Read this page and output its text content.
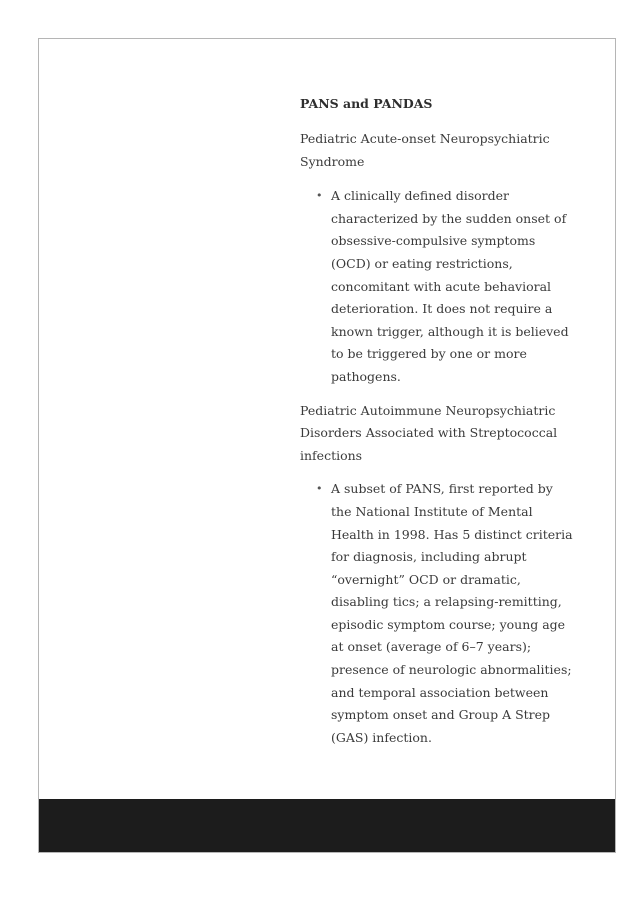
PANS and PANDAS
Pediatric Acute-onset Neuropsychiatric Syndrome
• A clinically defined disorder characterized by the sudden onset of obsessive-compulsive symptoms (OCD) or eating restrictions, concomitant with acute behavioral deterioration. It does not require a known trigger, although it is believed to be triggered by one or more pathogens.
Pediatric Autoimmune Neuropsychiatric Disorders Associated with Streptococcal infections
• A subset of PANS, first reported by the National Institute of Mental Health in 1998. Has 5 distinct criteria for diagnosis, including abrupt “overnight” OCD or dramatic, disabling tics; a relapsing-remitting, episodic symptom course; young age at onset (average of 6–7 years); presence of neurologic abnormalities; and temporal association between symptom onset and Group A Strep (GAS) infection.
